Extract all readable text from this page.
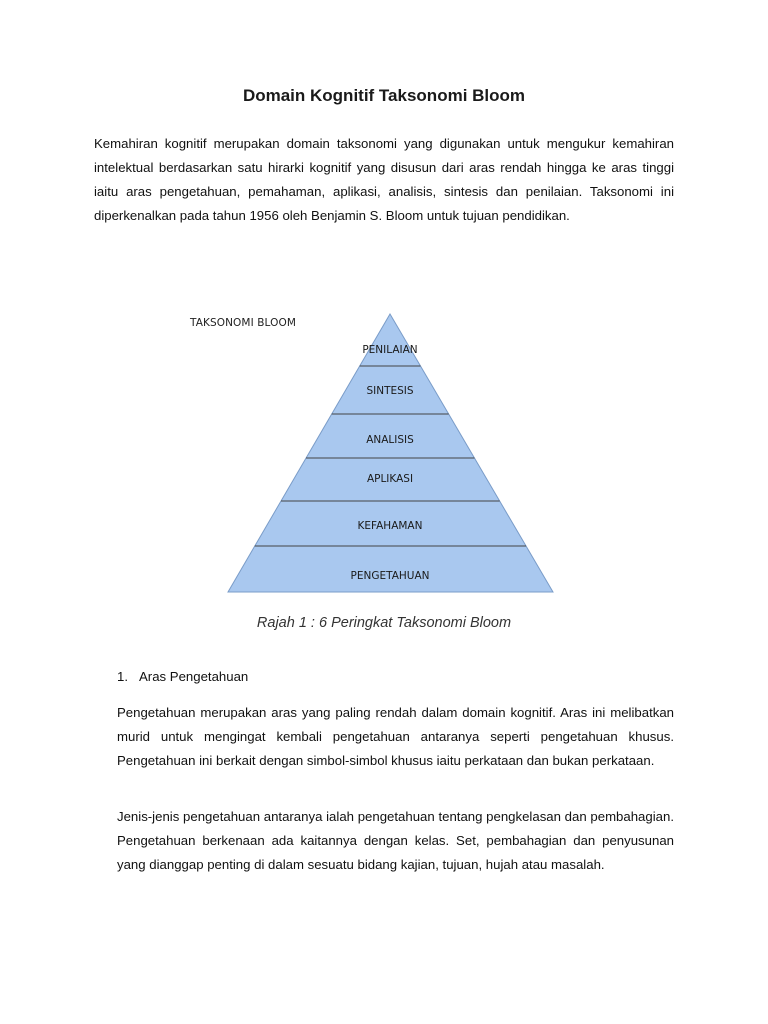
Domain Kognitif Taksonomi Bloom

Kemahiran kognitif merupakan domain taksonomi yang digunakan untuk mengukur kemahiran intelektual berdasarkan satu hirarki kognitif yang disusun dari aras rendah hingga ke aras tinggi iaitu aras pengetahuan, pemahaman, aplikasi, analisis, sintesis dan penilaian. Taksonomi ini diperkenalkan pada tahun 1956 oleh Benjamin S. Bloom untuk tujuan pendidikan.

TAKSONOMI BLOOM
PENILAIAN
SINTESIS
ANALISIS
APLIKASI
KEFAHAMAN
PENGETAHUAN
Rajah 1 : 6 Peringkat Taksonomi Bloom
1. Aras Pengetahuan

Pengetahuan merupakan aras yang paling rendah dalam domain kognitif. Aras ini melibatkan murid untuk mengingat kembali pengetahuan antaranya seperti pengetahuan khusus. Pengetahuan ini berkait dengan simbol-simbol khusus iaitu perkataan dan bukan perkataan.

Jenis-jenis pengetahuan antaranya ialah pengetahuan tentang pengkelasan dan pembahagian. Pengetahuan berkenaan ada kaitannya dengan kelas. Set, pembahagian dan penyusunan yang dianggap penting di dalam sesuatu bidang kajian, tujuan, hujah atau masalah.
